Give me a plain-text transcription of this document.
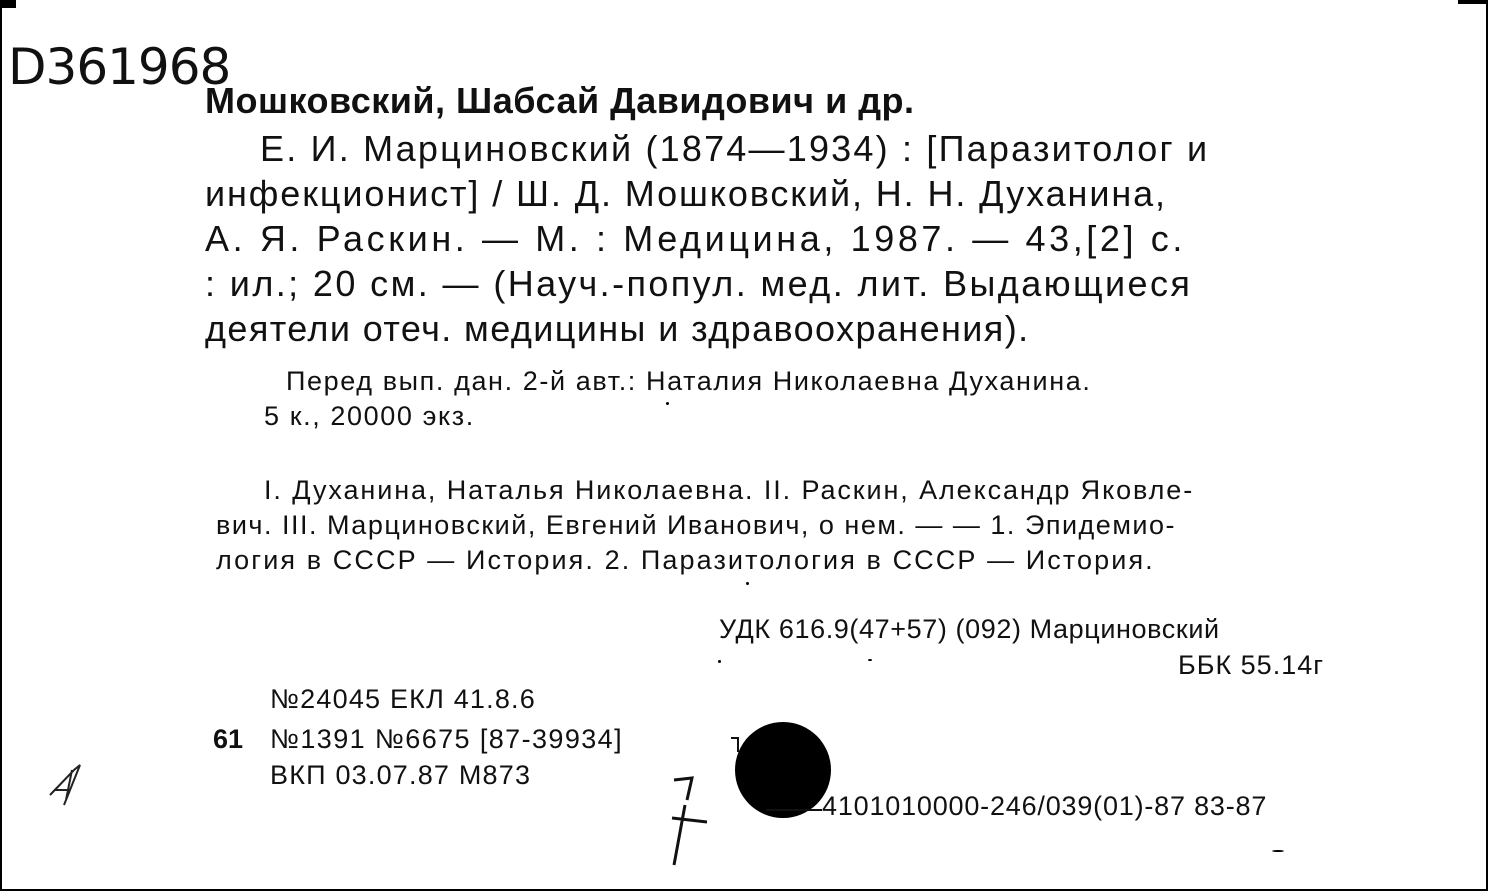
D361968

Мошковский, Шабсай Давидович и др.

Е. И. Марциновский (1874—1934) : [Паразитолог и

инфекционист] / Ш. Д. Мошковский, Н. Н. Духанина,

А. Я. Раскин. — М. : Медицина, 1987. — 43,[2] с.

: ил.; 20 см. — (Науч.-попул. мед. лит. Выдающиеся

деятели отеч. медицины и здравоохранения).

Перед вып. дан. 2-й авт.: Наталия Николаевна Духанина.

5 к., 20000 экз.

I. Духанина, Наталья Николаевна. II. Раскин, Александр Яковле-

вич. III. Марциновский, Евгений Иванович, о нем. — — 1. Эпидемио-

логия в СССР — История. 2. Паразитология в СССР — История.

УДК 616.9(47+57) (092) Марциновский

ББК 55.14г

№24045 ЕКЛ 41.8.6

61 №1391 №6675 [87-39934]

ВКП 03.07.87 М873

4101010000-246/039(01)-87 83-87
